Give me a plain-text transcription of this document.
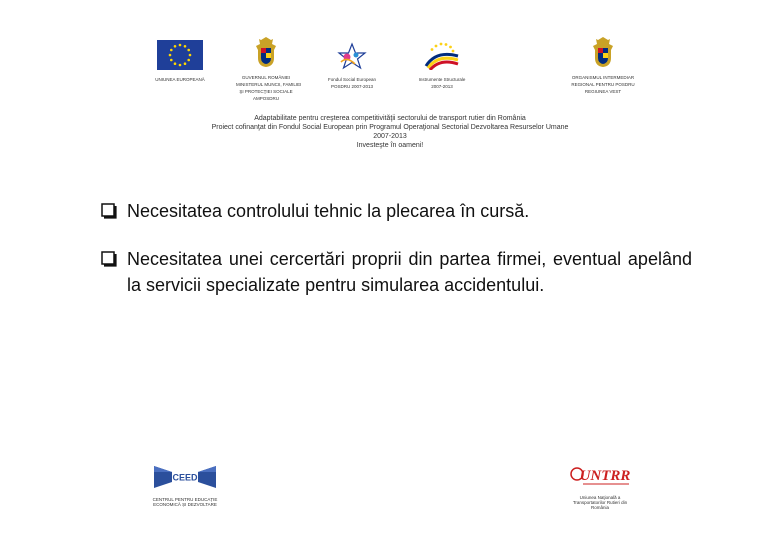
UNIUNEA EUROPEANĂ	GUVERNUL ROMÂNIEI
MINISTERUL MUNCII, FAMILIEI
ŞI PROTECŢIEI SOCIALE
AMPOSDRU
Fondul Social European
POSDRU 2007-2013
Instrumente Structurale
2007-2013
ORGANISMUL INTERMEDIAR
REGIONAL PENTRU POSDRU
REGIUNEA VEST
Adaptabilitate pentru creşterea competitivităţii sectorului de transport rutier din România
Proiect cofinanţat din Fondul Social European prin Programul Operaţional Sectorial Dezvoltarea Resurselor Umane
2007-2013
Investeşte în oameni!
Necesitatea controlului tehnic la plecarea în cursă.
Necesitatea unei cercertări proprii din partea firmei, eventual apelând la servicii specializate pentru simularea accidentului.
CEED
CENTRUL PENTRU EDUCAȚIE
ECONOMICĂ ȘI DEZVOLTARE
UNTRR
Uniunea Naţională a
Transportatorilor Rutieri din
România
